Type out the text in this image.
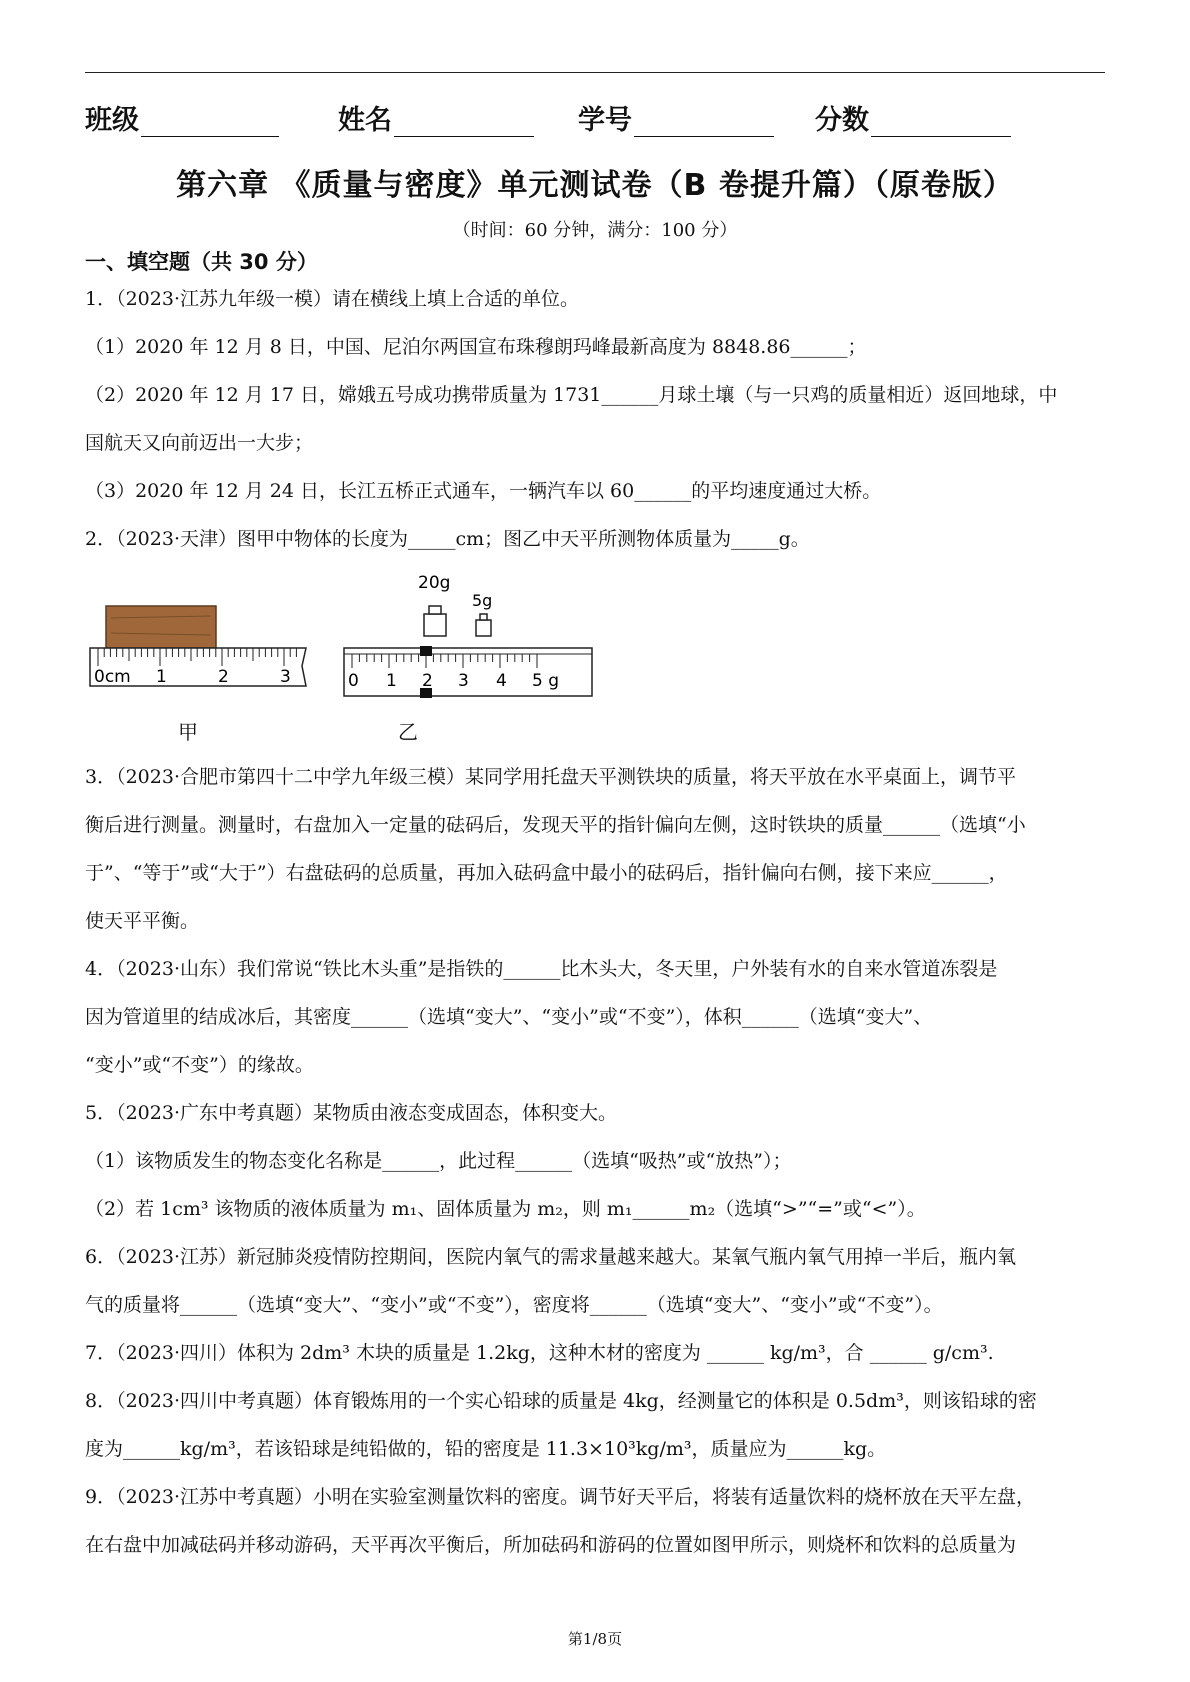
班级	姓名	学号	分数
第六章 《质量与密度》单元测试卷（B 卷提升篇）（原卷版）
（时间：60 分钟，满分：100 分）
一、填空题（共 30 分）
1．（2023·江苏九年级一模）请在横线上填上合适的单位。
（1）2020 年 12 月 8 日，中国、尼泊尔两国宣布珠穆朗玛峰最新高度为 8848.86______；
（2）2020 年 12 月 17 日，嫦娥五号成功携带质量为 1731______月球土壤（与一只鸡的质量相近）返回地球，中
国航天又向前迈出一大步；
（3）2020 年 12 月 24 日，长江五桥正式通车，一辆汽车以 60______的平均速度通过大桥。
2．（2023·天津）图甲中物体的长度为_____cm；图乙中天平所测物体质量为_____g。
0cm 1	2	3
甲
20g
5g
0 1 2 3 4 5 g
乙
3．（2023·合肥市第四十二中学九年级三模）某同学用托盘天平测铁块的质量，将天平放在水平桌面上，调节平
衡后进行测量。测量时，右盘加入一定量的砝码后，发现天平的指针偏向左侧，这时铁块的质量______（选填“小
于”、“等于”或“大于”）右盘砝码的总质量，再加入砝码盒中最小的砝码后，指针偏向右侧，接下来应______，
使天平平衡。
4．（2023·山东）我们常说“铁比木头重”是指铁的______比木头大，冬天里，户外装有水的自来水管道冻裂是
因为管道里的结成冰后，其密度______（选填“变大”、“变小”或“不变”），体积______（选填“变大”、
“变小”或“不变”）的缘故。
5．（2023·广东中考真题）某物质由液态变成固态，体积变大。
（1）该物质发生的物态变化名称是______，此过程______（选填“吸热”或“放热”）；
（2）若 1cm³ 该物质的液体质量为 m₁、固体质量为 m₂，则 m₁______m₂（选填“>”“=”或“<”）。
6．（2023·江苏）新冠肺炎疫情防控期间，医院内氧气的需求量越来越大。某氧气瓶内氧气用掉一半后，瓶内氧
气的质量将______（选填“变大”、“变小”或“不变”），密度将______（选填“变大”、“变小”或“不变”）。
7．（2023·四川）体积为 2dm³ 木块的质量是 1.2kg，这种木材的密度为 ______ kg/m³，合 ______ g/cm³.
8．（2023·四川中考真题）体育锻炼用的一个实心铅球的质量是 4kg，经测量它的体积是 0.5dm³，则该铅球的密
度为______kg/m³，若该铅球是纯铅做的，铅的密度是 11.3×10³kg/m³，质量应为______kg。
9．（2023·江苏中考真题）小明在实验室测量饮料的密度。调节好天平后，将装有适量饮料的烧杯放在天平左盘，
在右盘中加减砝码并移动游码，天平再次平衡后，所加砝码和游码的位置如图甲所示，则烧杯和饮料的总质量为
第1/8页
